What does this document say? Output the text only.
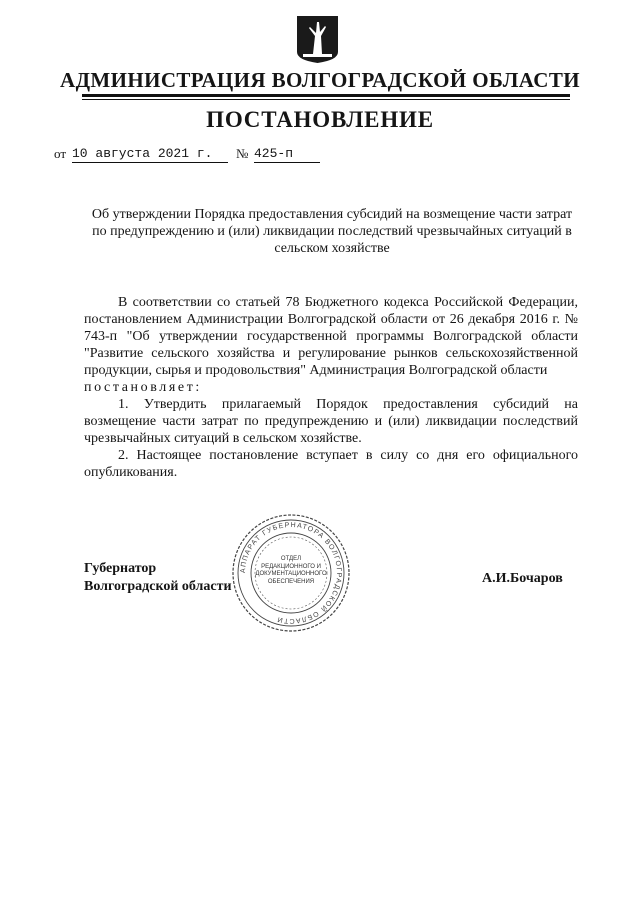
АДМИНИСТРАЦИЯ ВОЛГОГРАДСКОЙ ОБЛАСТИ
ПОСТАНОВЛЕНИЕ
от 10 августа 2021 г.	№ 425-п
Об утверждении Порядка предоставления субсидий на возмещение части затрат по предупреждению и (или) ликвидации последствий чрезвычайных ситуаций в сельском хозяйстве

В соответствии со статьей 78 Бюджетного кодекса Российской Федерации, постановлением Администрации Волгоградской области от 26 декабря 2016 г. № 743-п "Об утверждении государственной программы Волгоградской области "Развитие сельского хозяйства и регулирование рынков сельскохозяйственной продукции, сырья и продовольствия" Администрация Волгоградской области

постановляет:

1. Утвердить прилагаемый Порядок предоставления субсидий на возмещение части затрат по предупреждению и (или) ликвидации последствий чрезвычайных ситуаций в сельском хозяйстве.

2. Настоящее постановление вступает в силу со дня его официального опубликования.

Губернатор
Волгоградской области
А.И.Бочаров
АППАРАТ ГУБЕРНАТОРА ВОЛГОГРАДСКОЙ ОБЛАСТИ
ОТДЕЛ
РЕДАКЦИОННОГО И
ДОКУМЕНТАЦИОННОГО
ОБЕСПЕЧЕНИЯ
